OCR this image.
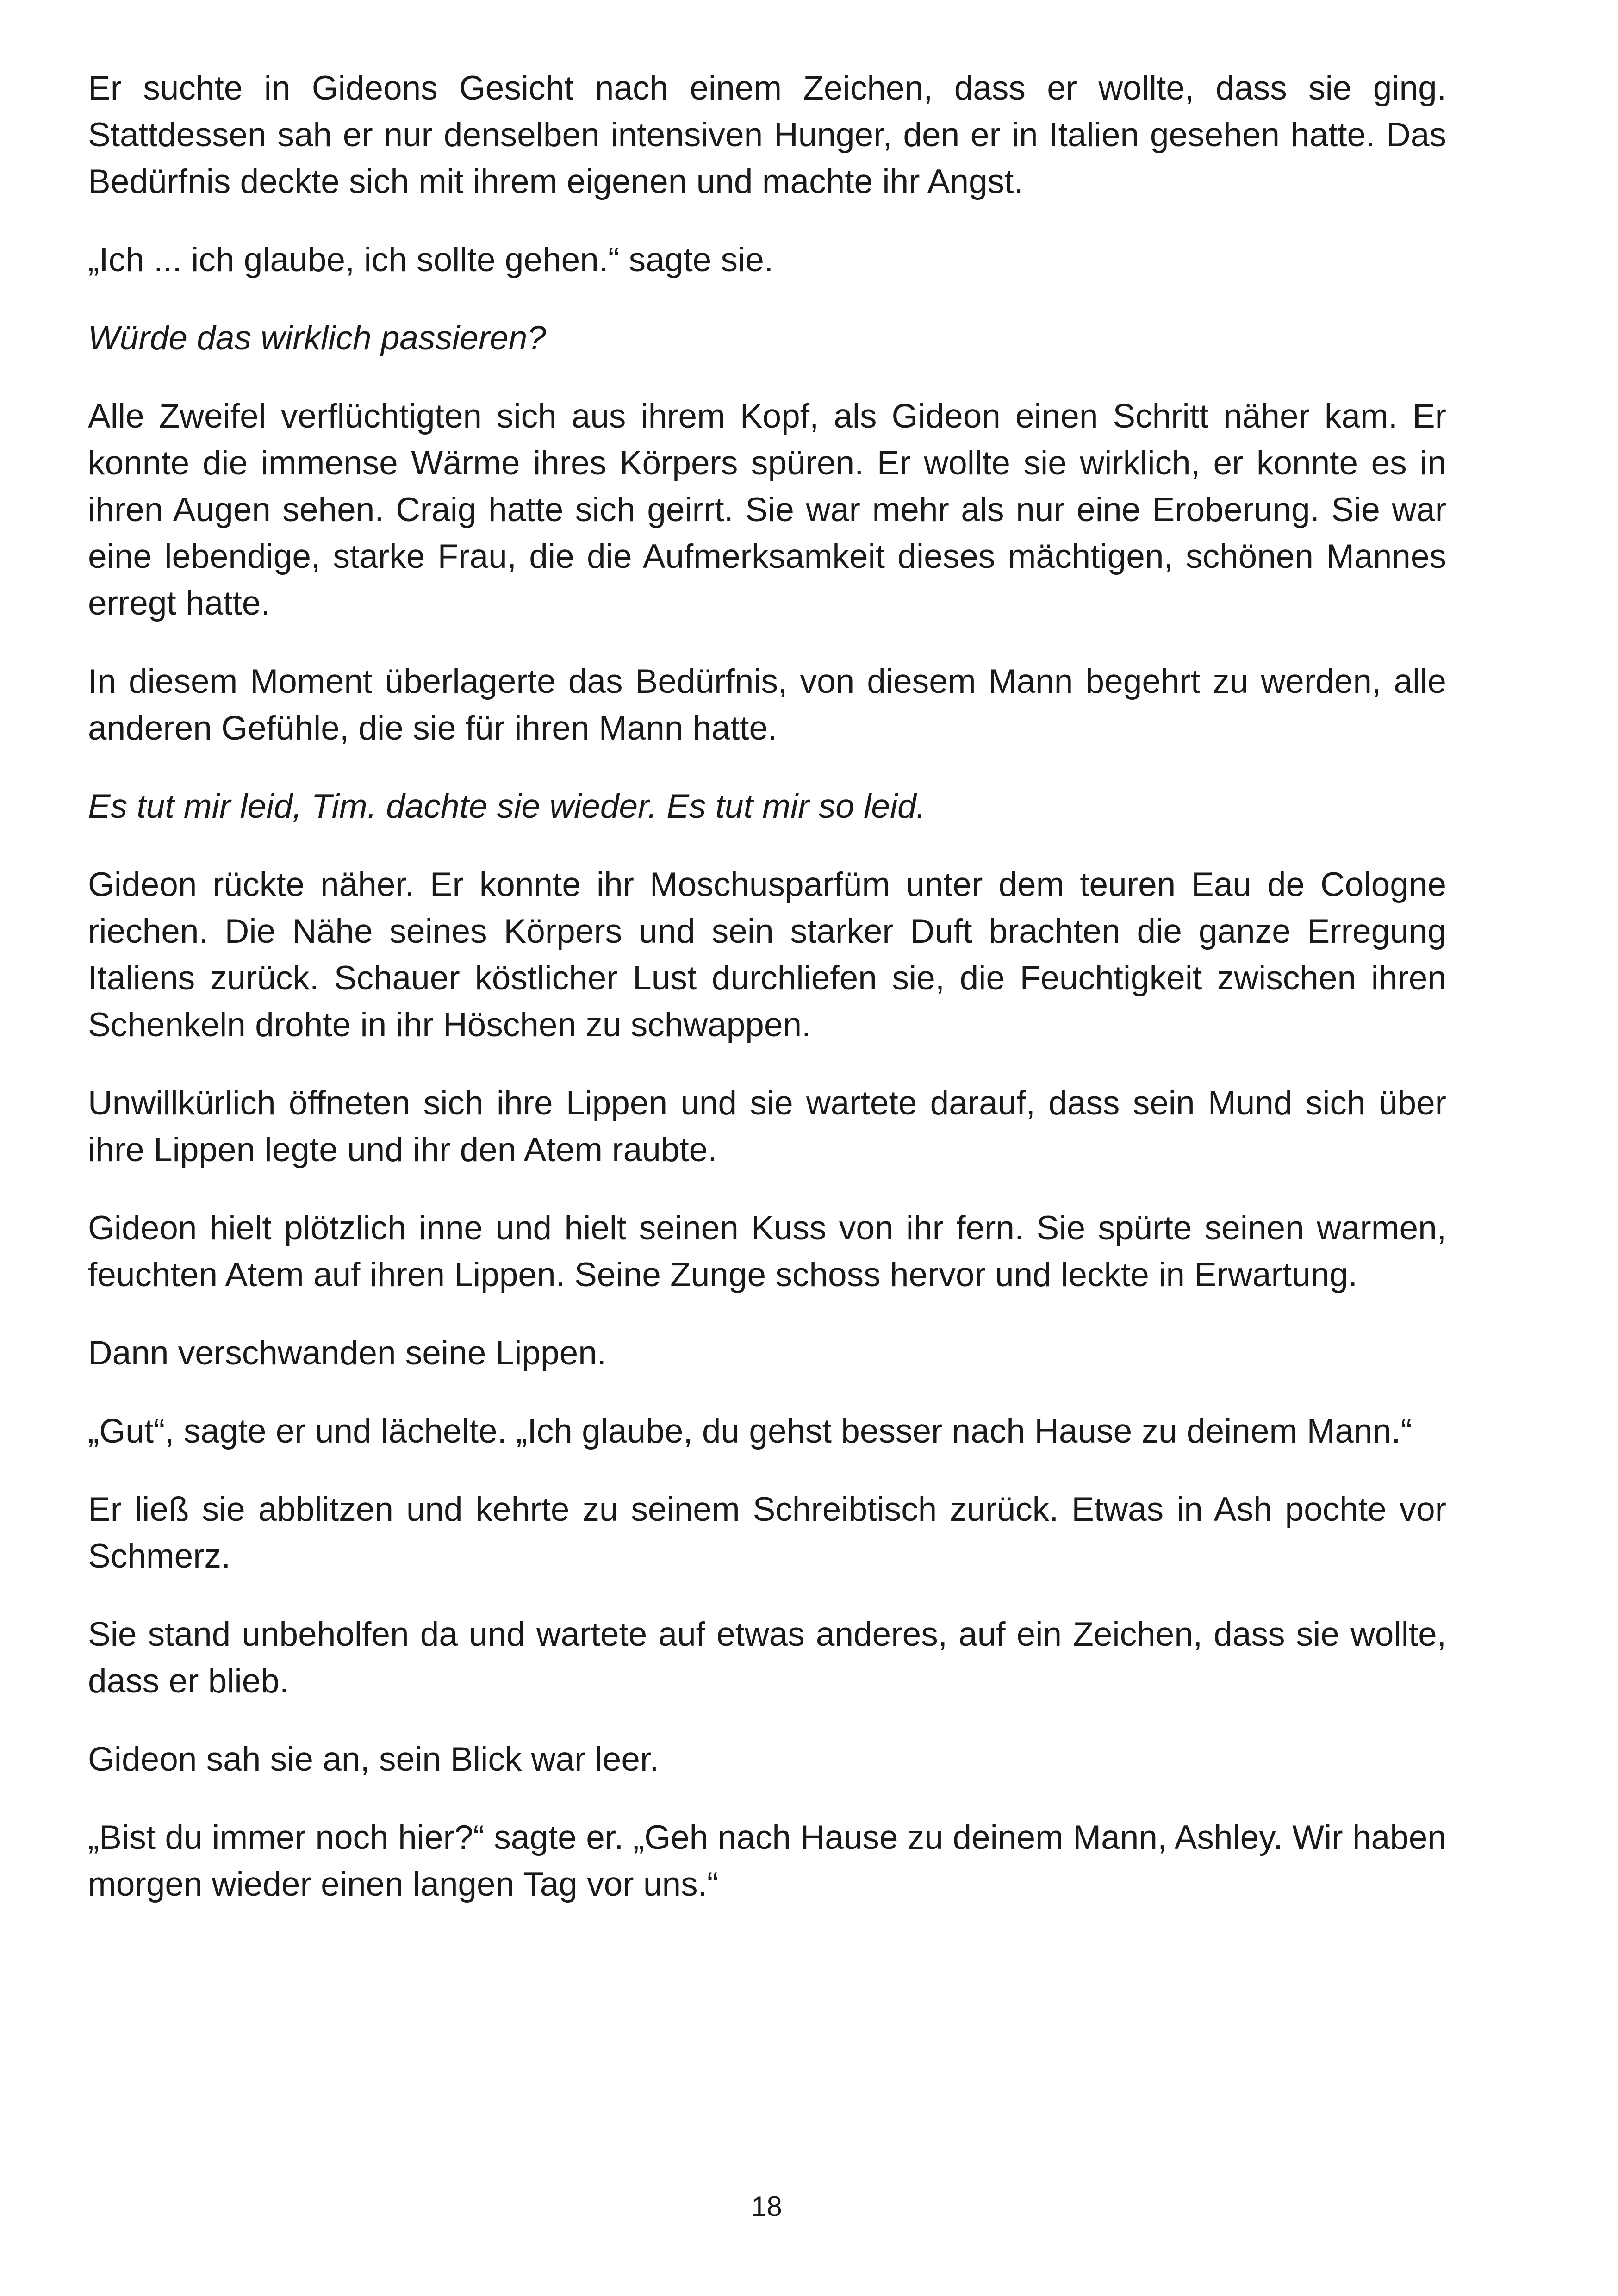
Er suchte in Gideons Gesicht nach einem Zeichen, dass er wollte, dass sie ging. Stattdessen sah er nur denselben intensiven Hunger, den er in Italien gesehen hatte. Das Bedürfnis deckte sich mit ihrem eigenen und machte ihr Angst.

„Ich ... ich glaube, ich sollte gehen.“ sagte sie.

Würde das wirklich passieren?

Alle Zweifel verflüchtigten sich aus ihrem Kopf, als Gideon einen Schritt näher kam. Er konnte die immense Wärme ihres Körpers spüren. Er wollte sie wirklich, er konnte es in ihren Augen sehen. Craig hatte sich geirrt. Sie war mehr als nur eine Eroberung. Sie war eine lebendige, starke Frau, die die Aufmerksamkeit dieses mächtigen, schönen Mannes erregt hatte.

In diesem Moment überlagerte das Bedürfnis, von diesem Mann begehrt zu werden, alle anderen Gefühle, die sie für ihren Mann hatte.

Es tut mir leid, Tim. dachte sie wieder. Es tut mir so leid.

Gideon rückte näher. Er konnte ihr Moschusparfüm unter dem teuren Eau de Cologne riechen. Die Nähe seines Körpers und sein starker Duft brachten die ganze Erregung Italiens zurück. Schauer köstlicher Lust durchliefen sie, die Feuchtigkeit zwischen ihren Schenkeln drohte in ihr Höschen zu schwappen.

Unwillkürlich öffneten sich ihre Lippen und sie wartete darauf, dass sein Mund sich über ihre Lippen legte und ihr den Atem raubte.

Gideon hielt plötzlich inne und hielt seinen Kuss von ihr fern. Sie spürte seinen warmen, feuchten Atem auf ihren Lippen. Seine Zunge schoss hervor und leckte in Erwartung.

Dann verschwanden seine Lippen.

„Gut“, sagte er und lächelte. „Ich glaube, du gehst besser nach Hause zu deinem Mann.“

Er ließ sie abblitzen und kehrte zu seinem Schreibtisch zurück. Etwas in Ash pochte vor Schmerz.

Sie stand unbeholfen da und wartete auf etwas anderes, auf ein Zeichen, dass sie wollte, dass er blieb.

Gideon sah sie an, sein Blick war leer.

„Bist du immer noch hier?“ sagte er. „Geh nach Hause zu deinem Mann, Ashley. Wir haben morgen wieder einen langen Tag vor uns.“

18
